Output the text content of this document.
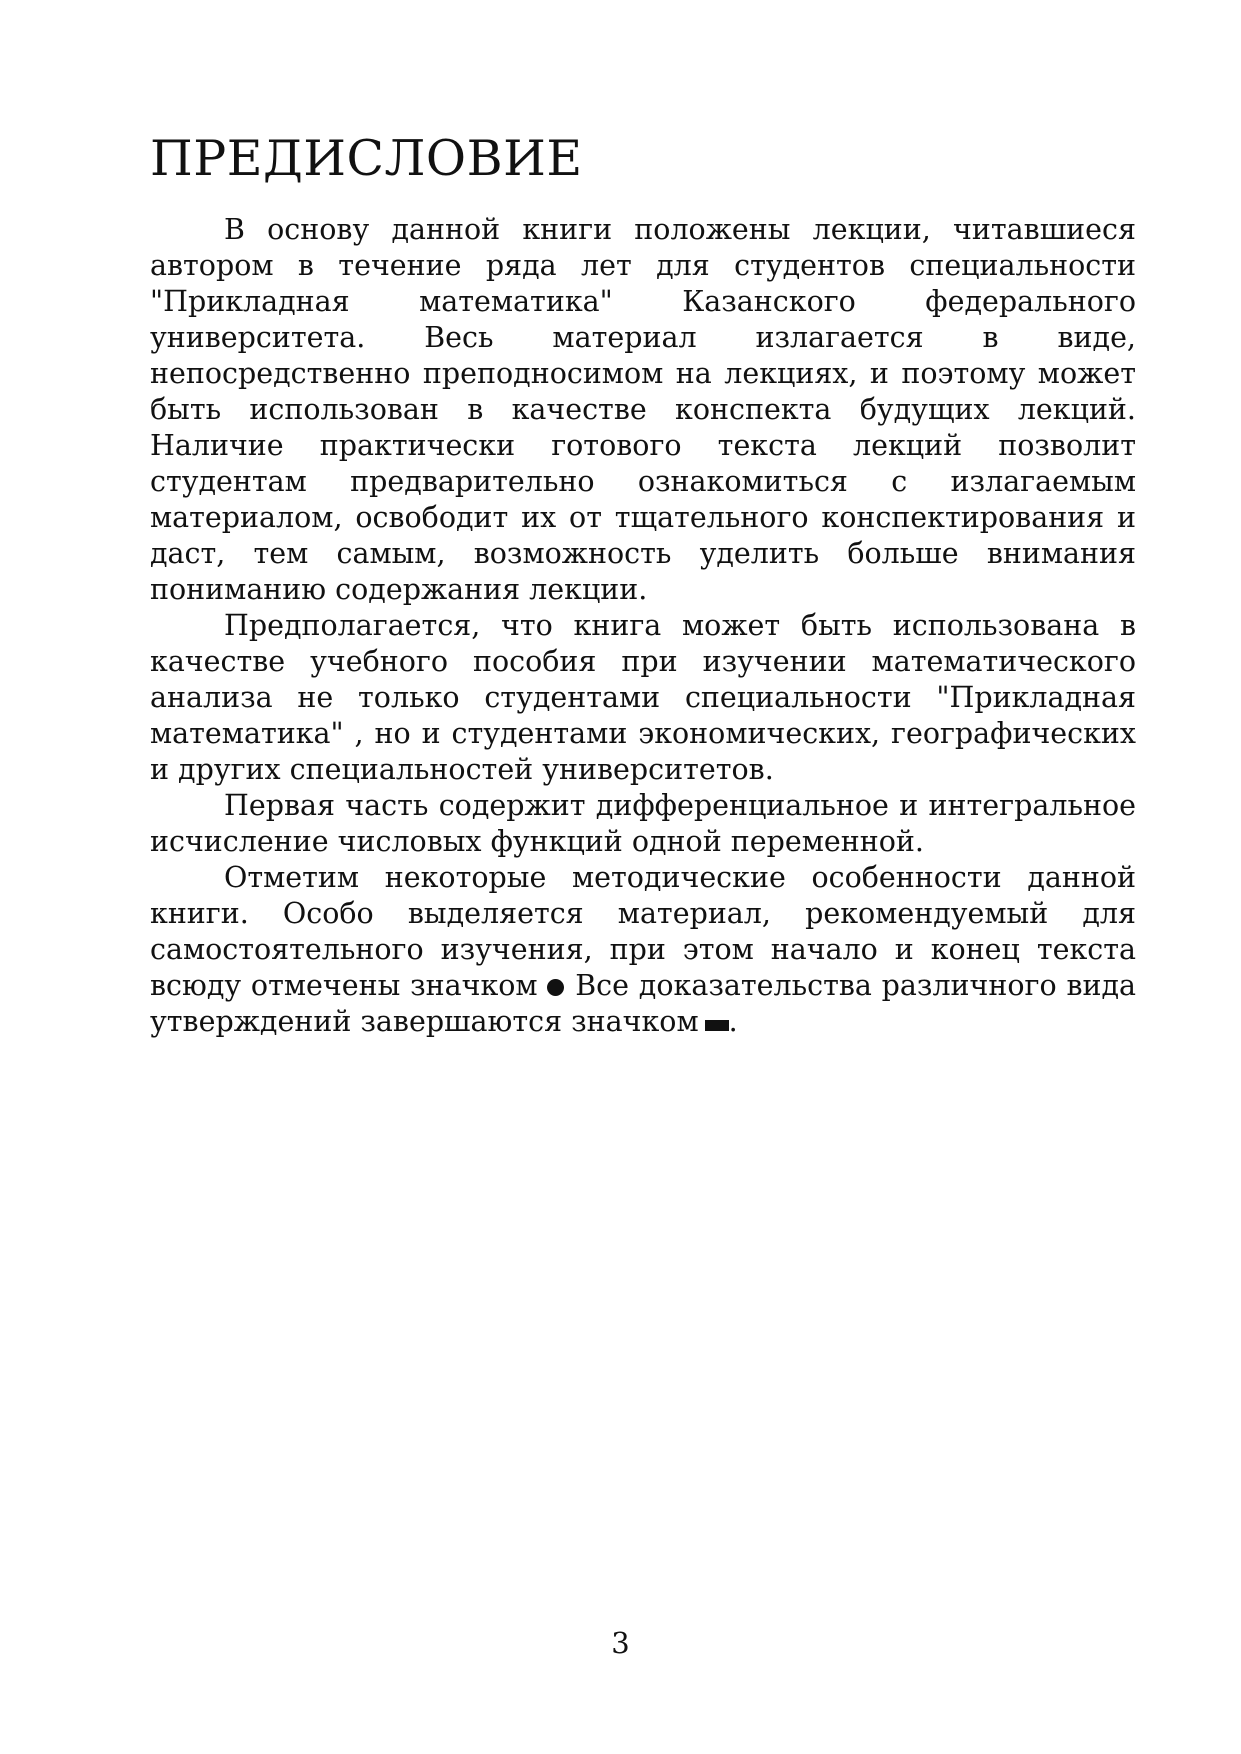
ПРЕДИСЛОВИЕ

В основу данной книги положены лекции, читавшиеся автором в течение ряда лет для студентов специальности "Прикладная математика" Казанского федерального университета. Весь материал излагается в виде, непосредственно преподносимом на лекциях, и поэтому может быть использован в качестве конспекта будущих лекций. Наличие практически готового текста лекций позволит студентам предварительно ознакомиться с излагаемым материалом, освободит их от тщательного конспектирования и даст, тем самым, возможность уделить больше внимания пониманию содержания лекции.

Предполагается, что книга может быть использована в качестве учебного пособия при изучении математического анализа не только студентами специальности "Прикладная математика" , но и студентами экономических, географических и других специальностей университетов.

Первая часть содержит дифференциальное и интегральное исчисление числовых функций одной переменной.

Отметим некоторые методические особенности данной книги. Особо выделяется материал, рекомендуемый для самостоятельного изучения, при этом начало и конец текста всюду отмечены значком Все доказательства различного вида утверждений завершаются значком .

3
